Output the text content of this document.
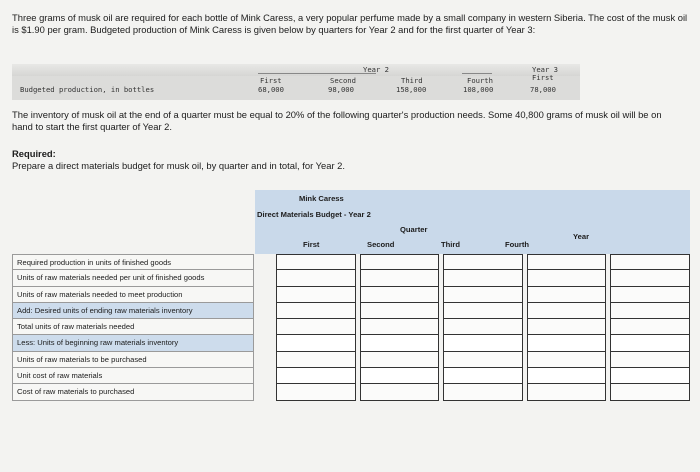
Three grams of musk oil are required for each bottle of Mink Caress, a very popular perfume made by a small company in western Siberia. The cost of the musk oil is $1.90 per gram. Budgeted production of Mink Caress is given below by quarters for Year 2 and for the first quarter of Year 3:
Year 2	Year 3
First
First	Second	Third	Fourth
Budgeted production, in bottles	68,000	98,000	158,000	108,000	78,000
The inventory of musk oil at the end of a quarter must be equal to 20% of the following quarter's production needs. Some 40,800 grams of musk oil will be on hand to start the first quarter of Year 2.
Required:
Prepare a direct materials budget for musk oil, by quarter and in total, for Year 2.
Mink Caress
Direct Materials Budget - Year 2
Quarter
First	Second	Third	Fourth
Year
Required production in units of finished goods
Units of raw materials needed per unit of finished goods
Units of raw materials needed to meet production
Add: Desired units of ending raw materials inventory
Total units of raw materials needed
Less: Units of beginning raw materials inventory
Units of raw materials to be purchased
Unit cost of raw materials
Cost of raw materials to purchased
